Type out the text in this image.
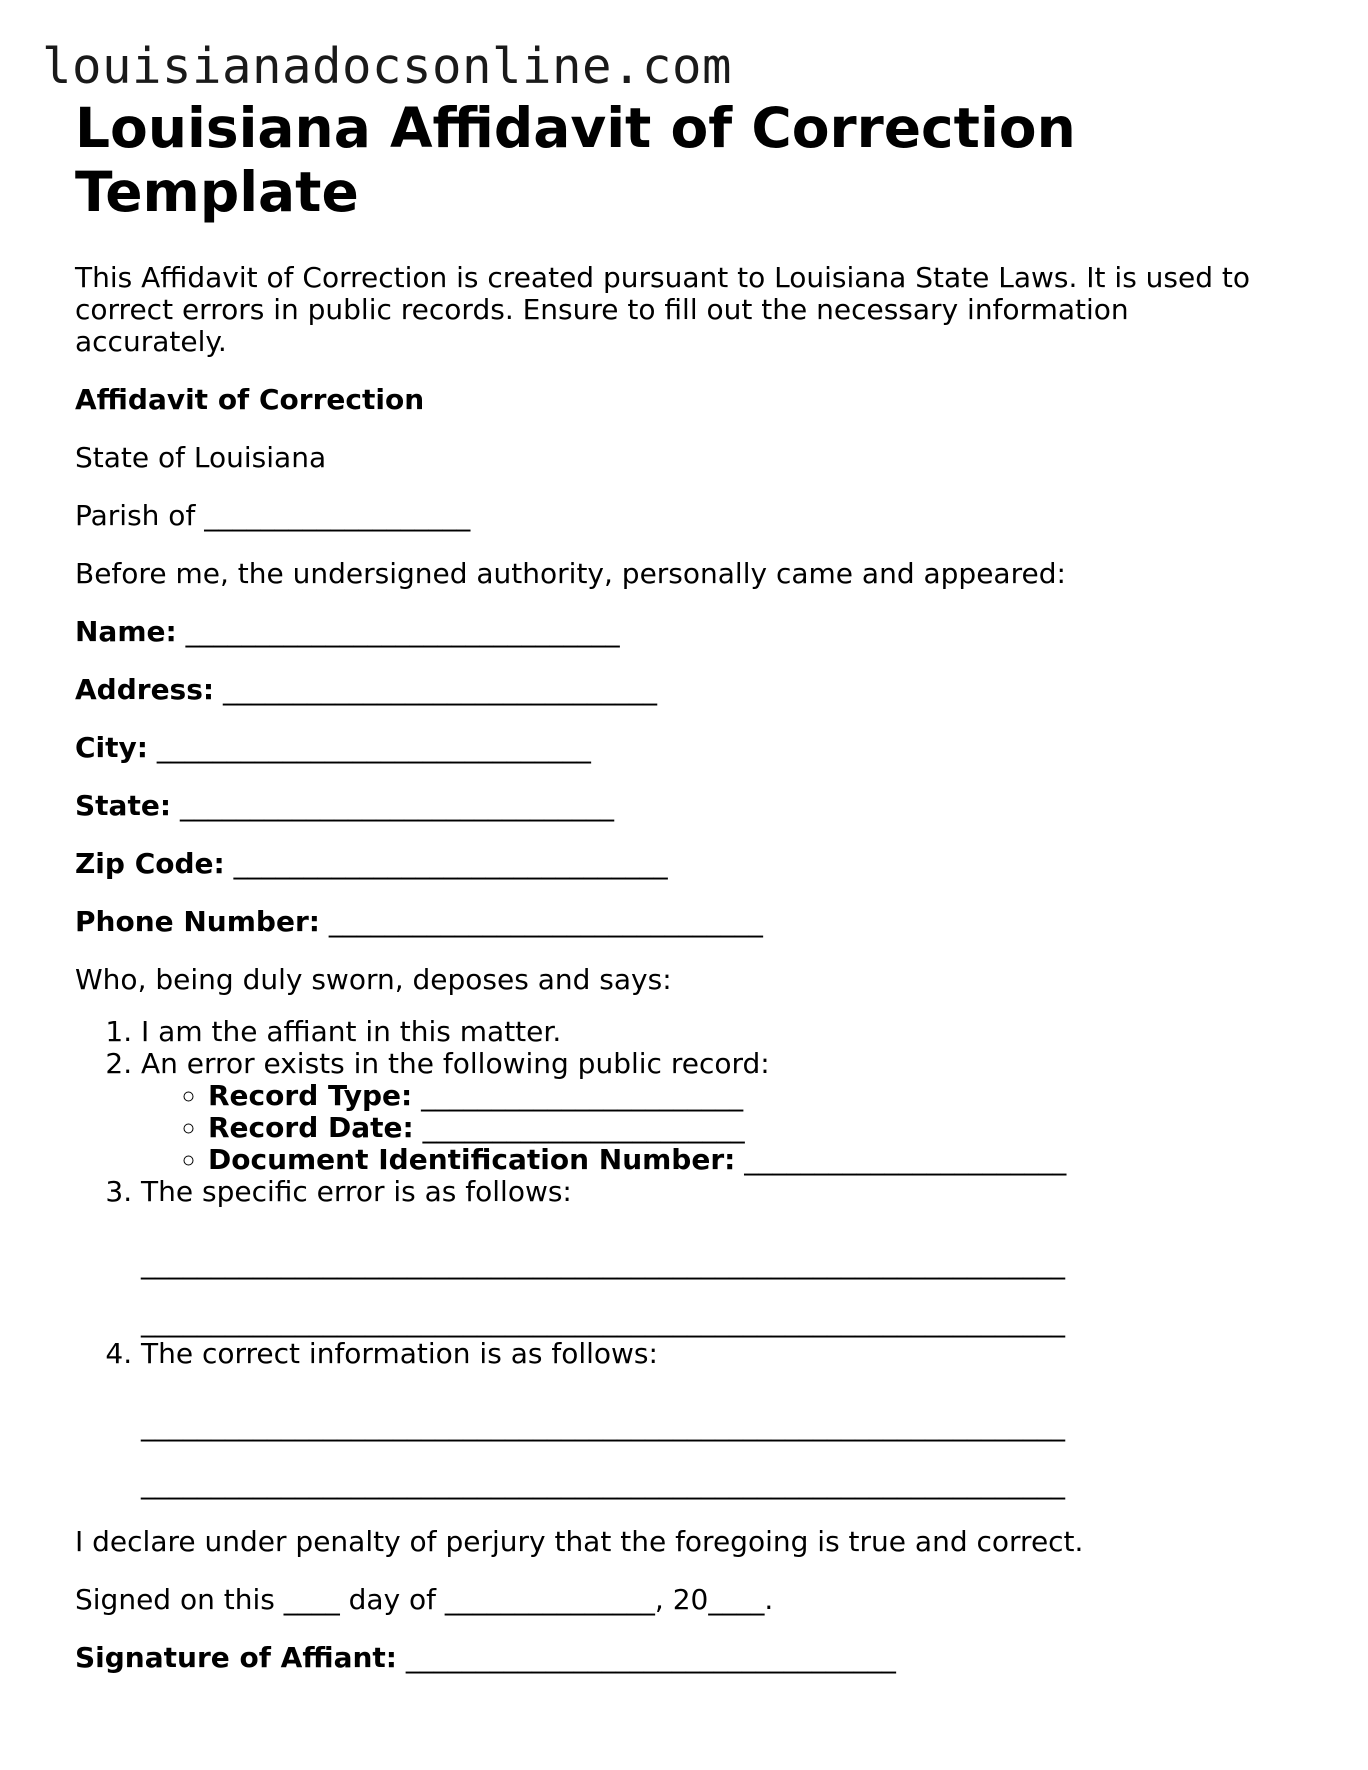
louisianadocsonline.com
Louisiana Affidavit of Correction Template

This Affidavit of Correction is created pursuant to Louisiana State Laws. It is used to correct errors in public records. Ensure to fill out the necessary information accurately.

Affidavit of Correction

State of Louisiana

Parish of ___________________

Before me, the undersigned authority, personally came and appeared:

Name: _______________________________

Address: _______________________________

City: _______________________________

State: _______________________________

Zip Code: _______________________________

Phone Number: _______________________________

Who, being duly sworn, deposes and says:

1. I am the affiant in this matter.
2. An error exists in the following public record:
◦ Record Type: _______________________
◦ Record Date: _______________________
◦ Document Identification Number: _______________________
3. The specific error is as follows:
__________________________________________________________________
__________________________________________________________________
4. The correct information is as follows:
__________________________________________________________________
__________________________________________________________________

I declare under penalty of perjury that the foregoing is true and correct.

Signed on this ____ day of _______________, 20____.

Signature of Affiant: ___________________________________
